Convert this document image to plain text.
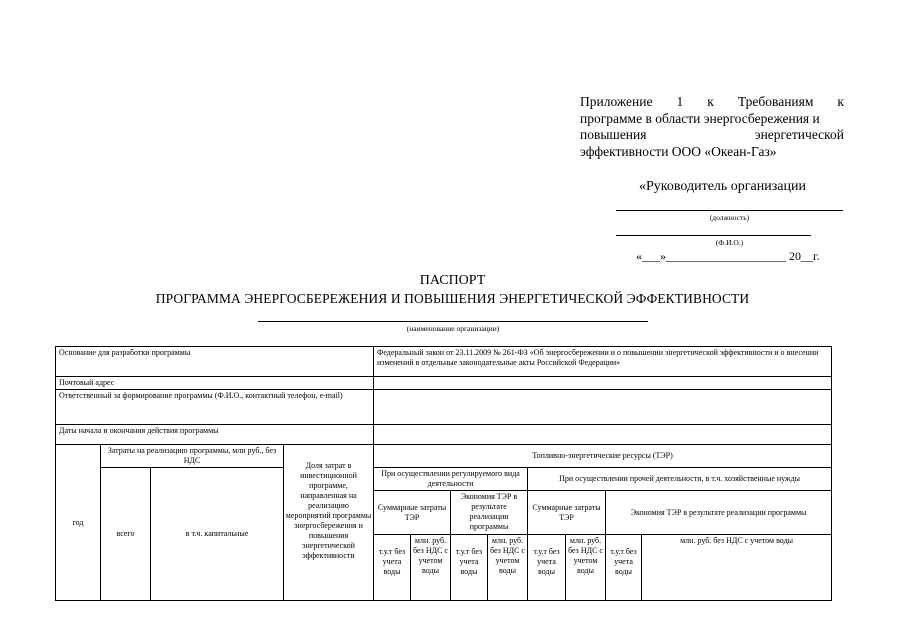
Приложение 1 к Требованиям к
программе в области энергосбережения и
повышения энергетической
эффективности ООО «Океан-Газ»
«Руководитель организации
(должность)
(Ф.И.О.)
«___»____________________ 20__г.
ПАСПОРТ
ПРОГРАММА ЭНЕРГОСБЕРЕЖЕНИЯ И ПОВЫШЕНИЯ ЭНЕРГЕТИЧЕСКОЙ ЭФФЕКТИВНОСТИ
(наименование организации)
Основание для разработки программы				Федеральный закон от 23.11.2009 № 261-ФЗ «Об энергосбережении и о повышении энергетической эффективности и о внесении изменений в отдельные законодательные акты Российской Федерации»							
Почтовый адрес											
Ответственный за формирование программы (Ф.И.О., контактный телефон, e-mail)											
Даты начала и окончания действия программы											
год	Затраты на реализацию программы, млн руб., без НДС		Доля затрат в инвестиционной программе, направленная на реализацию мероприятий программы энергосбережения и повышения энергетической эффективности	Топливно-энергетические ресурсы (ТЭР)							
	всего	в т.ч. капитальные		При осуществлении регулируемого вида деятельности				При осуществлении прочей деятельности, в т.ч. хозяйственные нужды			
				Суммарные затраты ТЭР		Экономия ТЭР в результате реализации программы		Суммарные затраты ТЭР		Экономия ТЭР в результате реализации программы	
				т.у.т без учета воды	млн. руб. без НДС с учетом воды	т.у.т без учета воды	млн. руб. без НДС с учетом воды	т.у.т без учета воды	млн. руб. без НДС с учетом воды	т.у.т без учета воды	млн. руб. без НДС с учетом воды
